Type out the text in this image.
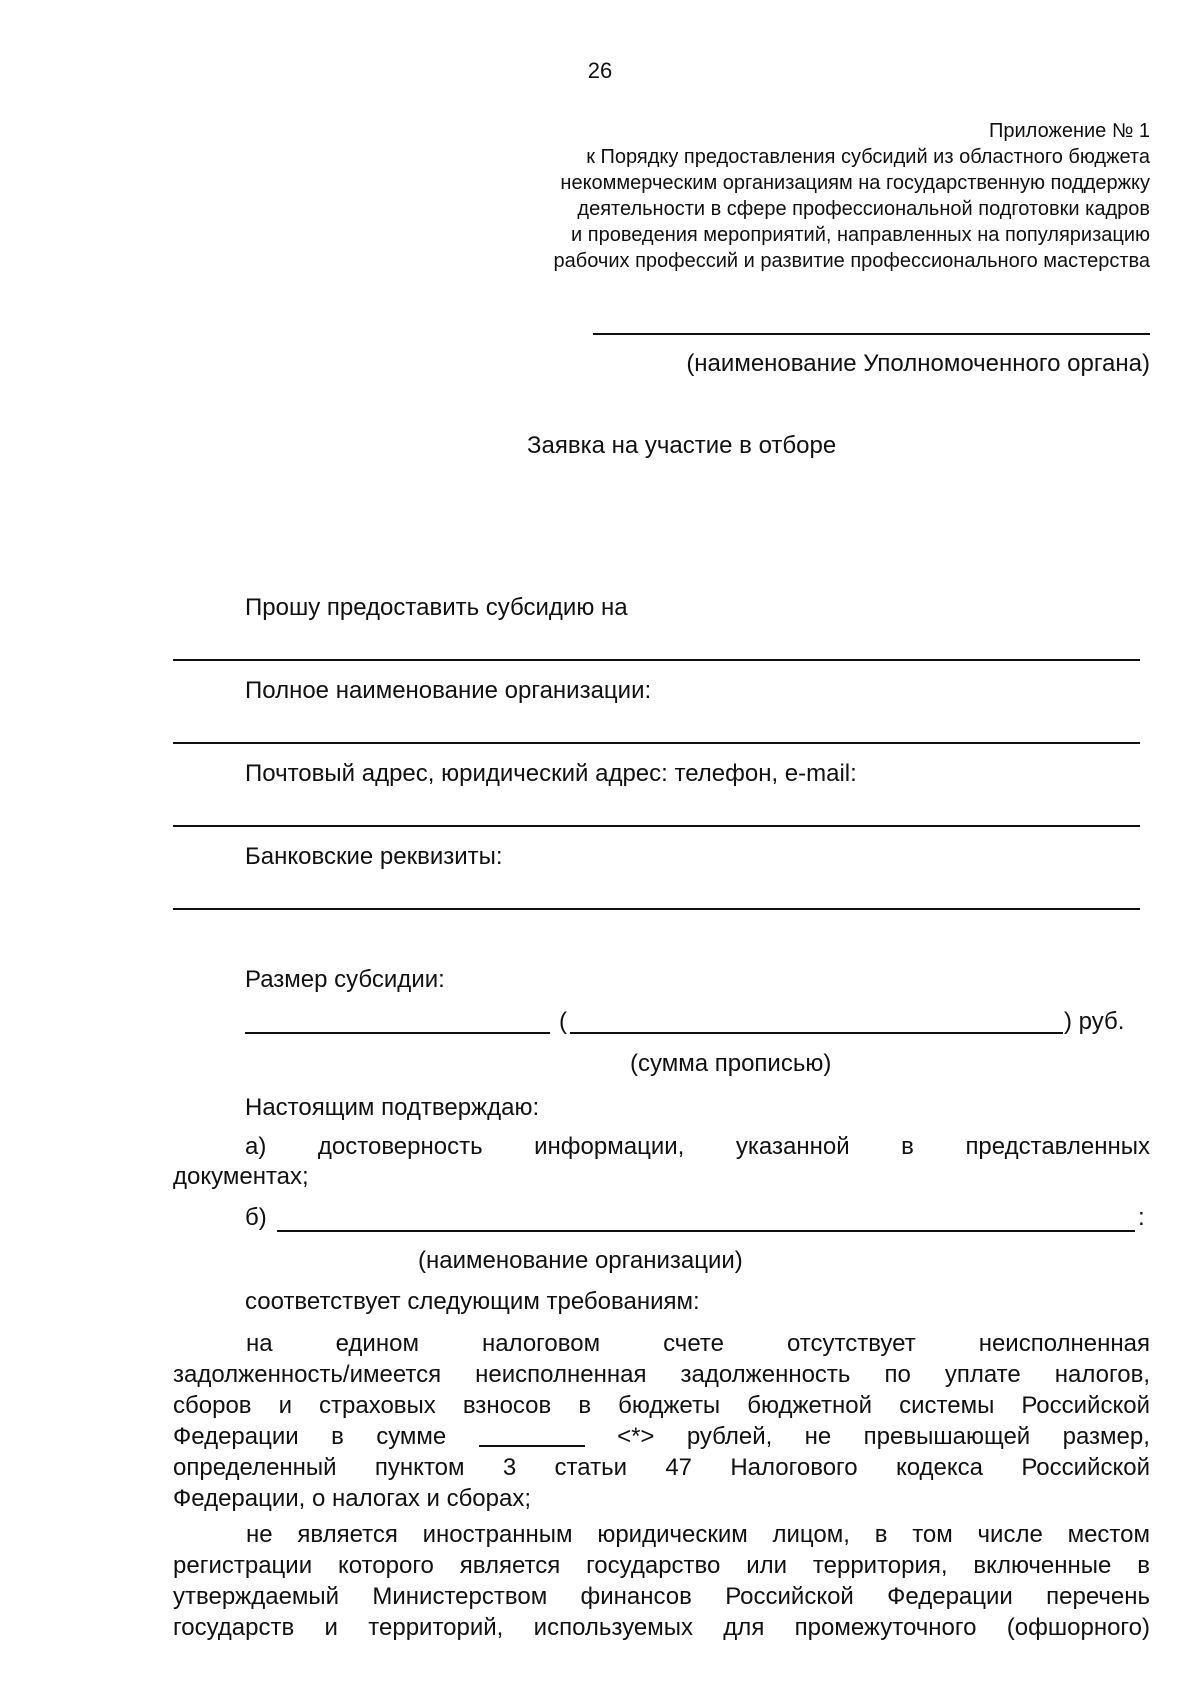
26
Приложение № 1
к Порядку предоставления субсидий из областного бюджета
некоммерческим организациям на государственную поддержку
деятельности в сфере профессиональной подготовки кадров
и проведения мероприятий, направленных на популяризацию
рабочих профессий и развитие профессионального мастерства
(наименование Уполномоченного органа)
Заявка на участие в отборе
Прошу предоставить субсидию на
Полное наименование организации:
Почтовый адрес, юридический адрес: телефон, e-mail:
Банковские реквизиты:
Размер субсидии:
(	) руб.
(сумма прописью)
Настоящим подтверждаю:
а) достоверность информации, указанной в представленных
документах;
б)	:
(наименование организации)
соответствует следующим требованиям:
на	едином	налоговом	счете	отсутствует	неисполненная
задолженность/имеется неисполненная задолженность по уплате налогов,
сборов и страховых взносов в бюджеты бюджетной системы Российской
Федерации в сумме	<*> рублей, не превышающей размер,
определенный пунктом 3 статьи 47 Налогового кодекса Российской
Федерации, о налогах и сборах;
не является иностранным юридическим лицом, в том числе местом
регистрации которого является государство или территория, включенные в
утверждаемый Министерством финансов Российской Федерации перечень
государств и территорий, используемых для промежуточного (офшорного)
